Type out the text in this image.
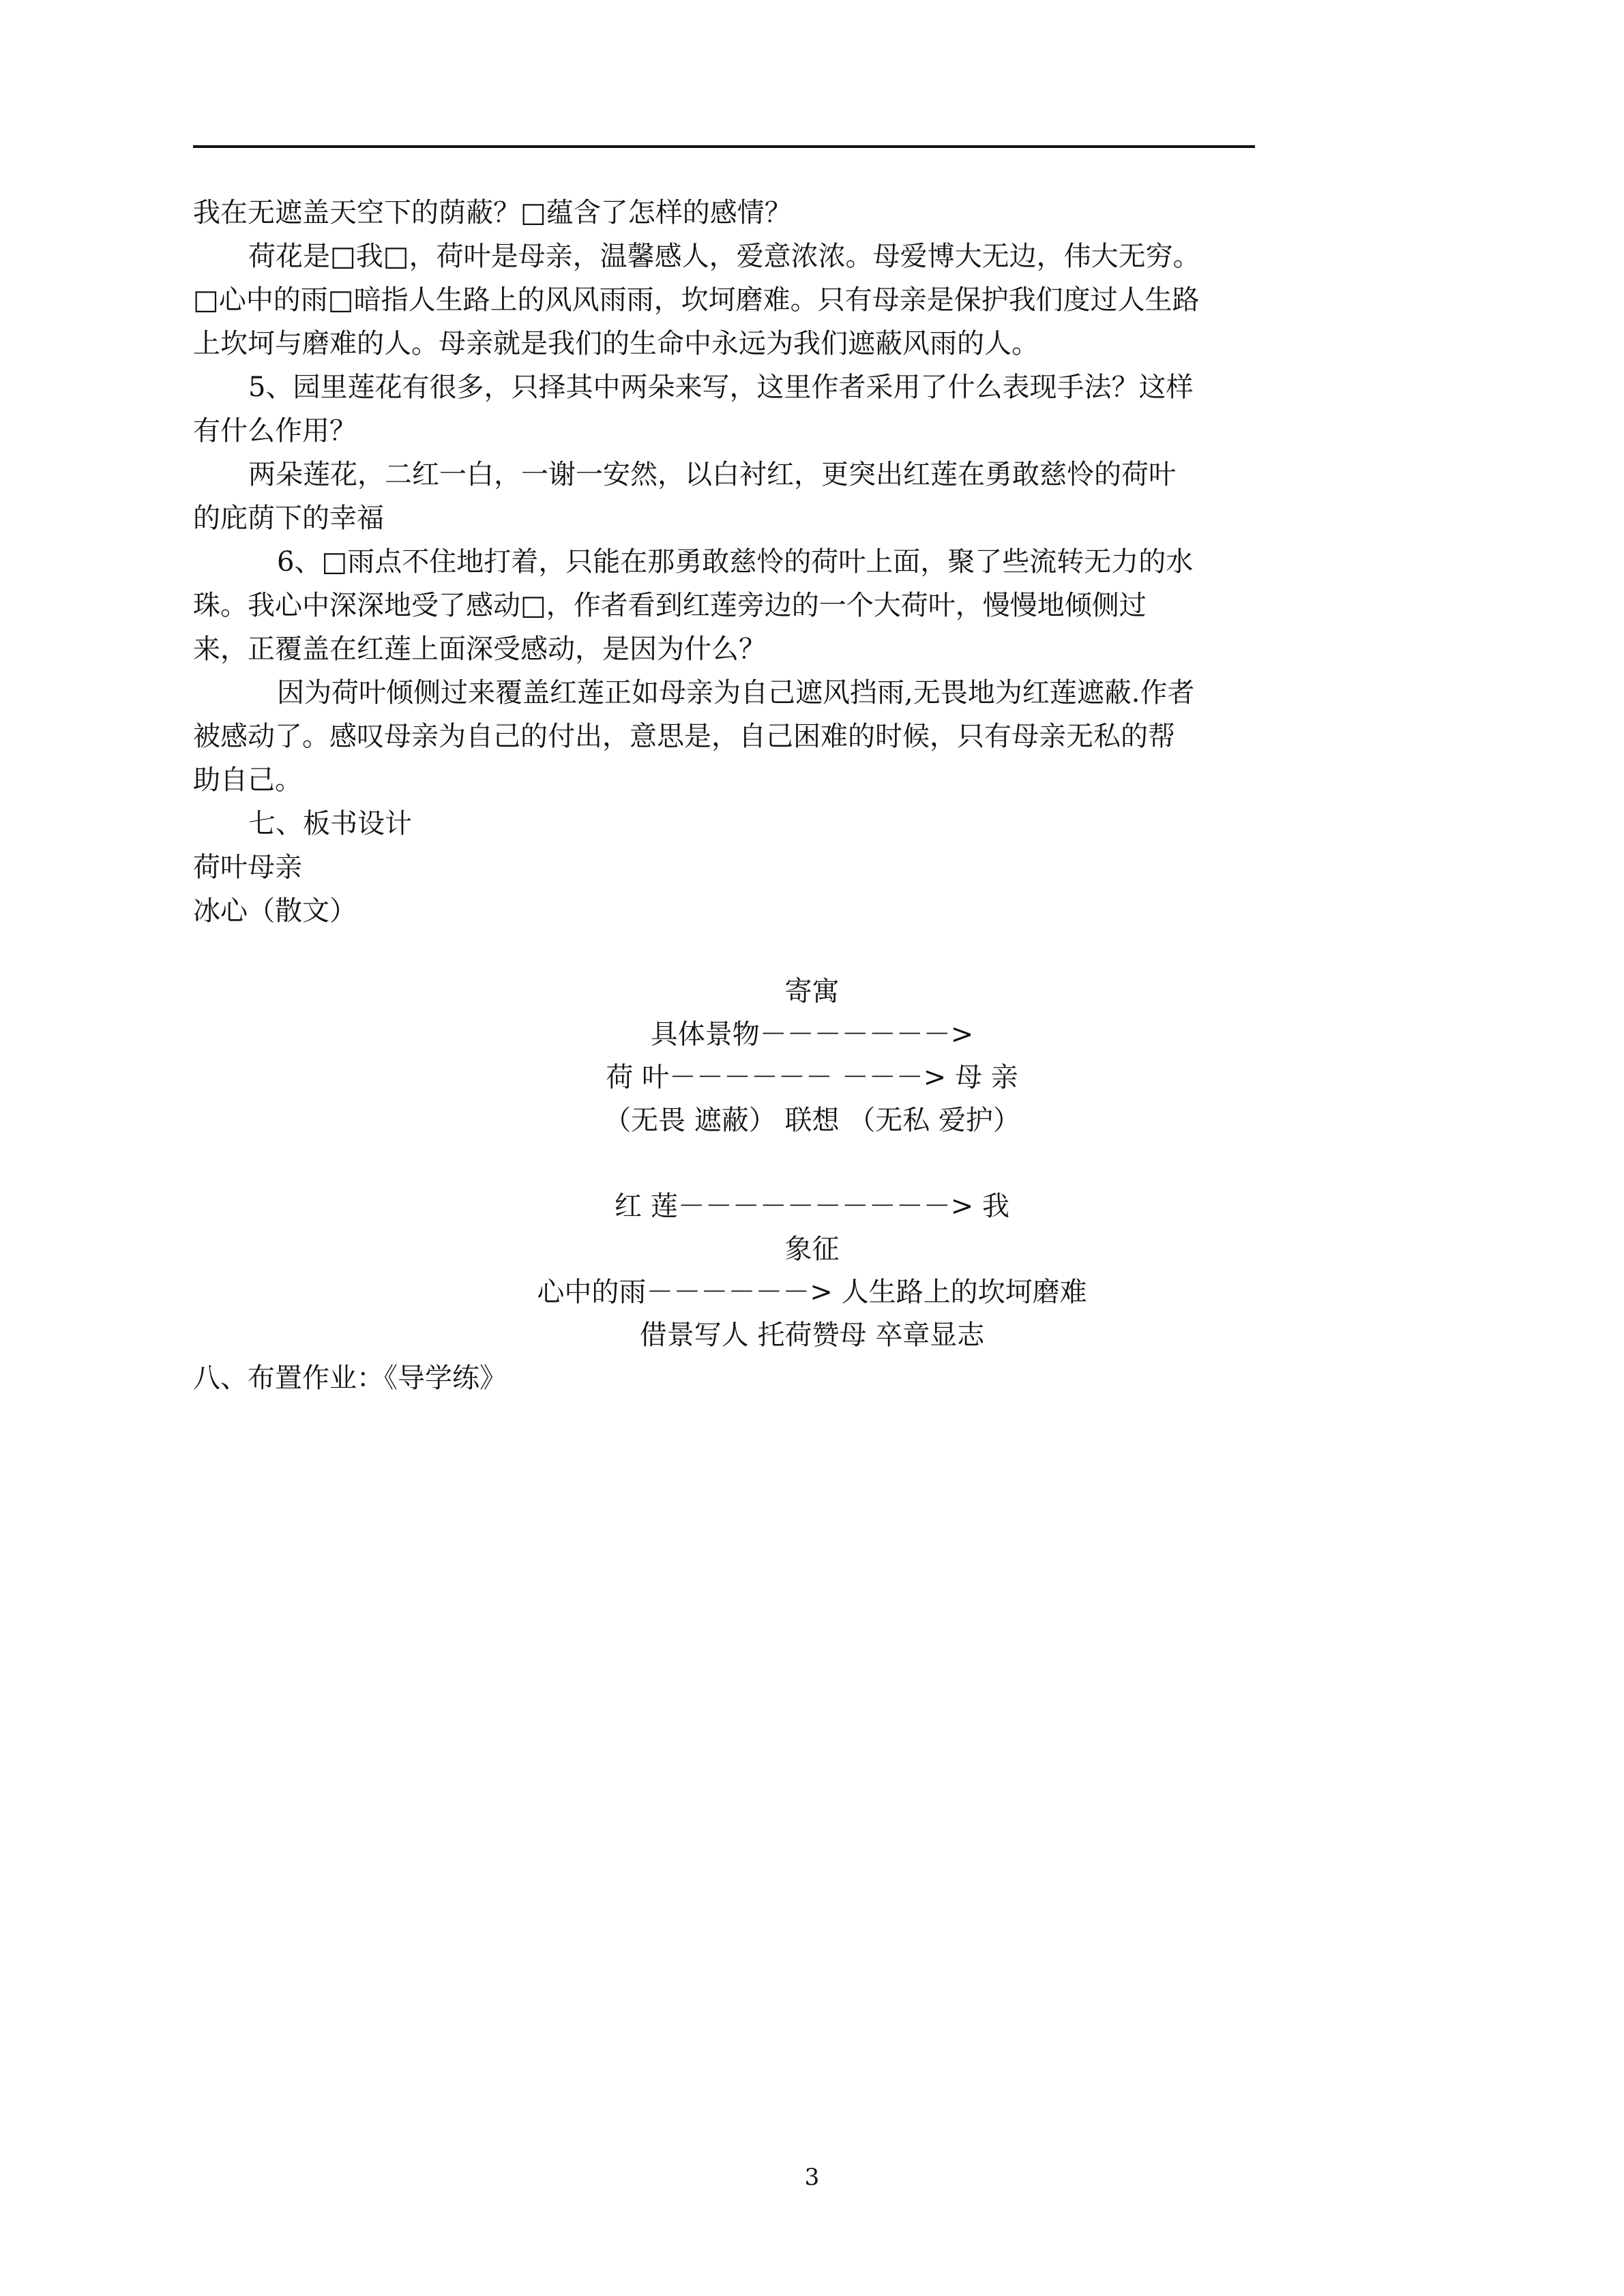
我在无遮盖天空下的荫蔽？□蕴含了怎样的感情？
荷花是□我□，荷叶是母亲，温馨感人，爱意浓浓。母爱博大无边，伟大无穷。
□心中的雨□暗指人生路上的风风雨雨，坎坷磨难。只有母亲是保护我们度过人生路
上坎坷与磨难的人。母亲就是我们的生命中永远为我们遮蔽风雨的人。
5、园里莲花有很多，只择其中两朵来写，这里作者采用了什么表现手法？这样
有什么作用？
两朵莲花，二红一白，一谢一安然，以白衬红，更突出红莲在勇敢慈怜的荷叶
的庇荫下的幸福
6、□雨点不住地打着，只能在那勇敢慈怜的荷叶上面，聚了些流转无力的水
珠。我心中深深地受了感动□，作者看到红莲旁边的一个大荷叶，慢慢地倾侧过
来，正覆盖在红莲上面深受感动，是因为什么？
因为荷叶倾侧过来覆盖红莲正如母亲为自己遮风挡雨,无畏地为红莲遮蔽.作者
被感动了。感叹母亲为自己的付出，意思是，自己困难的时候，只有母亲无私的帮
助自己。
七、板书设计
荷叶母亲
冰心（散文）
寄寓
具体景物－－－－－－－>
荷 叶－－－－－－ －－－> 母 亲
（无畏 遮蔽） 联想 （无私 爱护）
红 莲－－－－－－－－－－> 我
象征
心中的雨－－－－－－> 人生路上的坎坷磨难
借景写人 托荷赞母 卒章显志
八、布置作业：《导学练》
3
